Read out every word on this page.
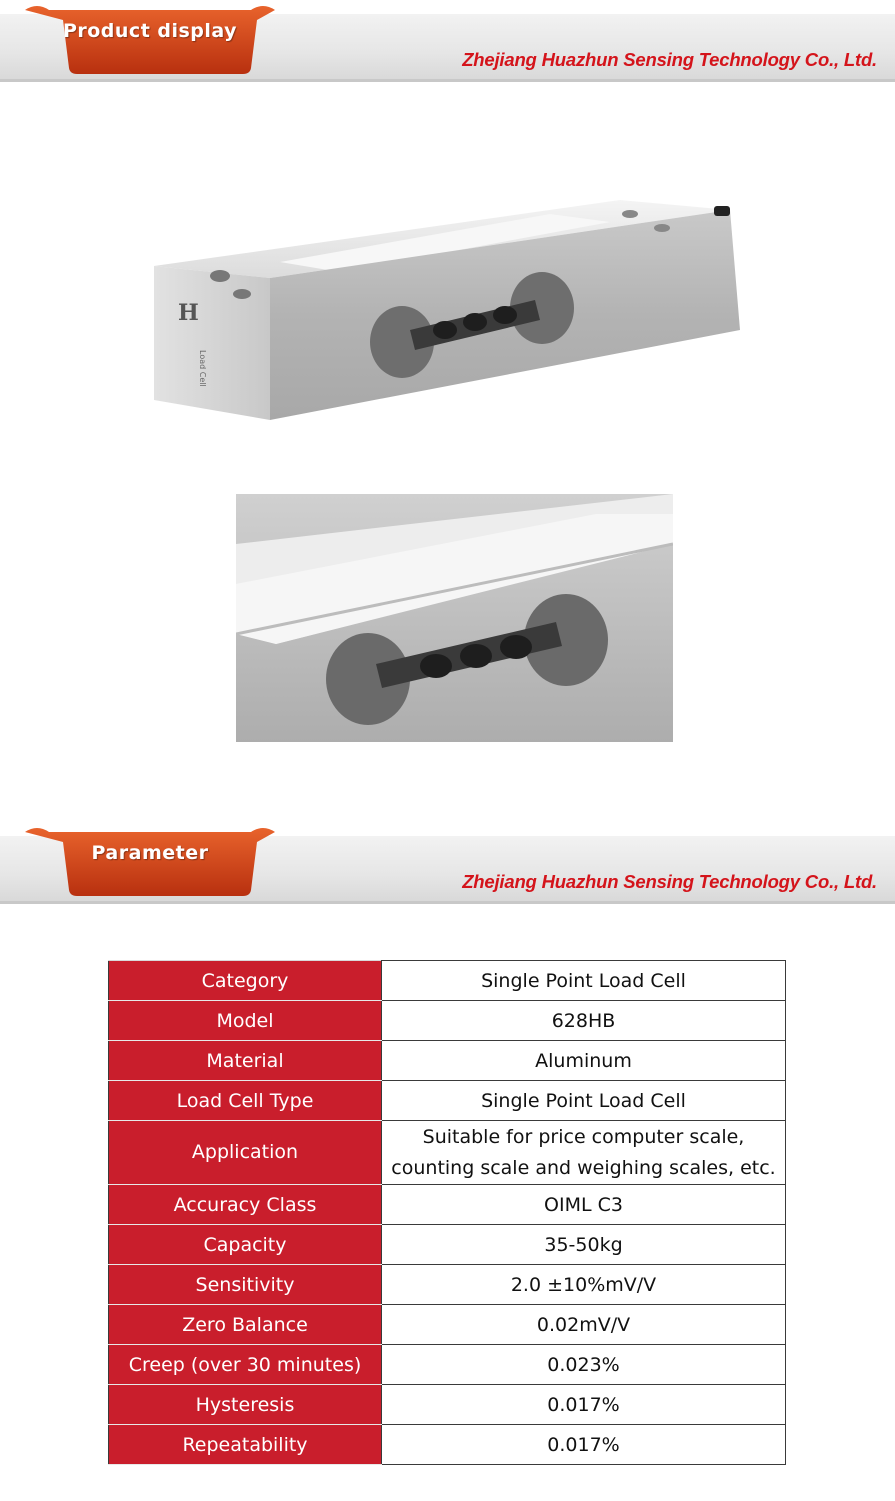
Product display
Zhejiang Huazhun Sensing Technology Co., Ltd.
H
Load Cell
Parameter
Zhejiang Huazhun Sensing Technology Co., Ltd.
Category	Single Point Load Cell
Model	628HB
Material	Aluminum
Load Cell Type	Single Point Load Cell
Application	Suitable for price computer scale, counting scale and weighing scales, etc.
Accuracy Class	OIML C3
Capacity	35-50kg
Sensitivity	2.0 ±10%mV/V
Zero Balance	0.02mV/V
Creep (over 30 minutes)	0.023%
Hysteresis	0.017%
Repeatability	0.017%
